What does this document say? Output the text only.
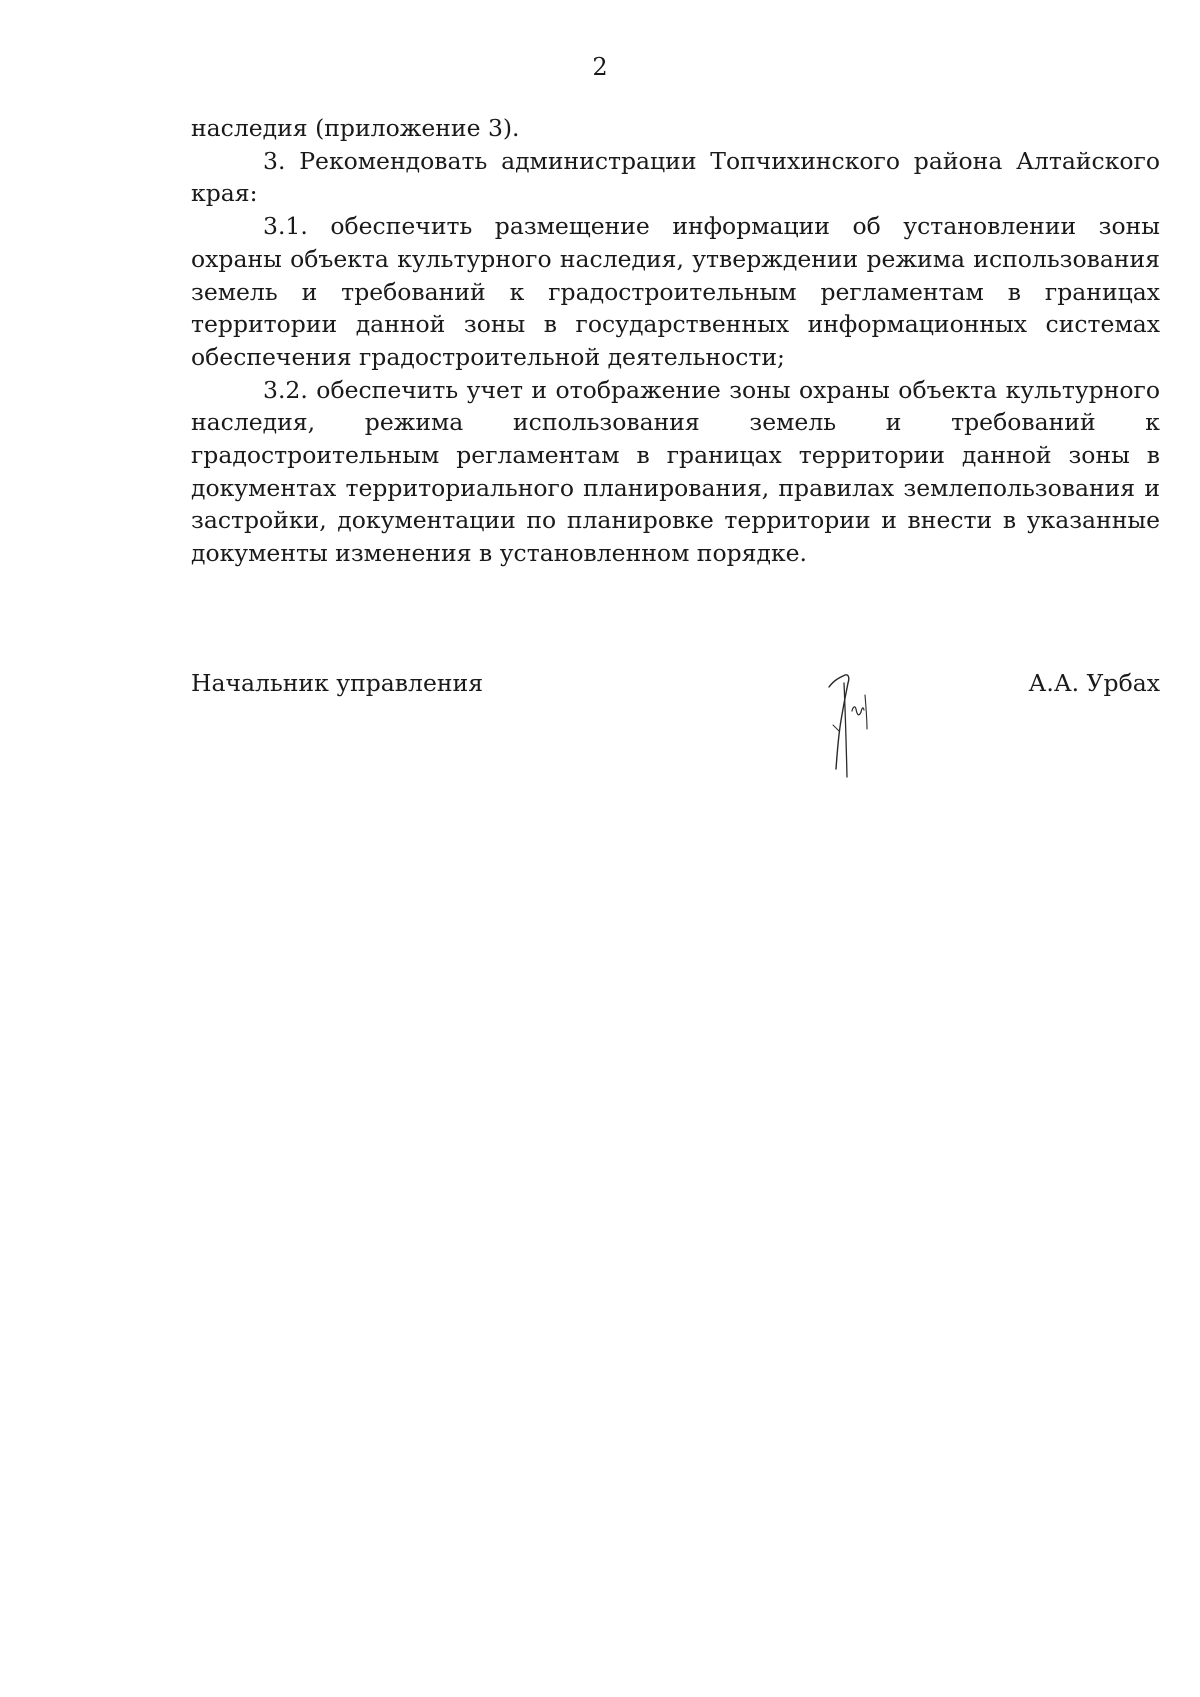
2

наследия (приложение 3).

3. Рекомендовать администрации Топчихинского района Алтайского края:

3.1. обеспечить размещение информации об установлении зоны охраны объекта культурного наследия, утверждении режима использования земель и требований к градостроительным регламентам в границах территории данной зоны в государственных информационных системах обеспечения градостроительной деятельности;

3.2. обеспечить учет и отображение зоны охраны объекта культурного наследия, режима использования земель и требований к градостроительным регламентам в границах территории данной зоны в документах территориального планирования, правилах землепользования и застройки, документации по планировке территории и внести в указанные документы изменения в установленном порядке.

Начальник управления	А.А. Урбах
